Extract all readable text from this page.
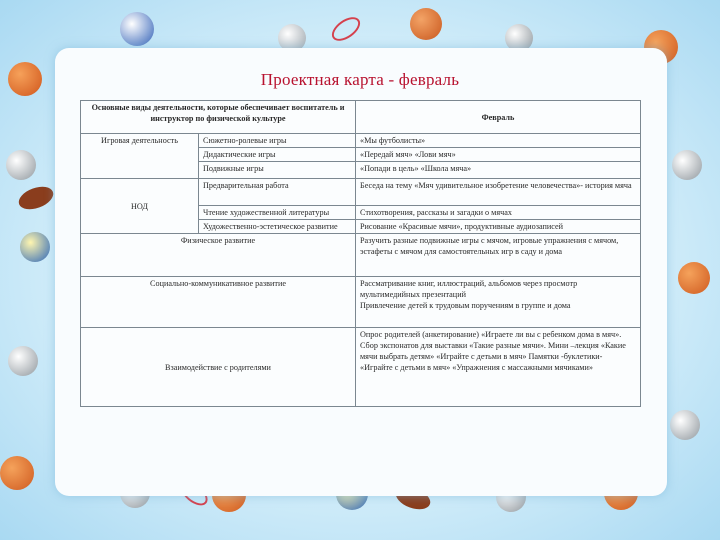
Проектная карта - февраль
Основные виды деятельности, которые обеспечивает воспитатель и инструктор по физической культуре		Февраль
Игровая деятельность	Сюжетно-ролевые игры	«Мы футболисты»
	Дидактические игры	«Передай мяч» «Лови мяч»
	Подвижные игры	«Попади в цель» «Школа мяча»
НОД	Предварительная работа	Беседа на тему «Мяч удивительное изобретение человечества»- история мяча
	Чтение художественной литературы	Стихотворения, рассказы и загадки о мячах
	Художественно-эстетическое развитие	Рисование «Красивые мячи», продуктивные аудиозаписей
Физическое развитие		Разучить разные подвижные игры с мячом, игровые упражнения с мячом, эстафеты с мячом для самостоятельных игр в саду и дома
Социально-коммуникативное развитие		Рассматривание книг, иллюстраций, альбомов через просмотр мультимедийных презентаций
Привлечение детей к трудовым поручениям в группе и дома

Взаимодействие с родителями		Опрос родителей (анкетирование) «Играете ли вы с ребенком дома в мяч». Сбор экспонатов для выставки «Такие разные мячи». Мини –лекция «Какие мячи выбрать детям» «Играйте с детьми в мяч» Памятки -буклетики- «Играйте с детьми в мяч» «Упражнения с массажными мячиками»
